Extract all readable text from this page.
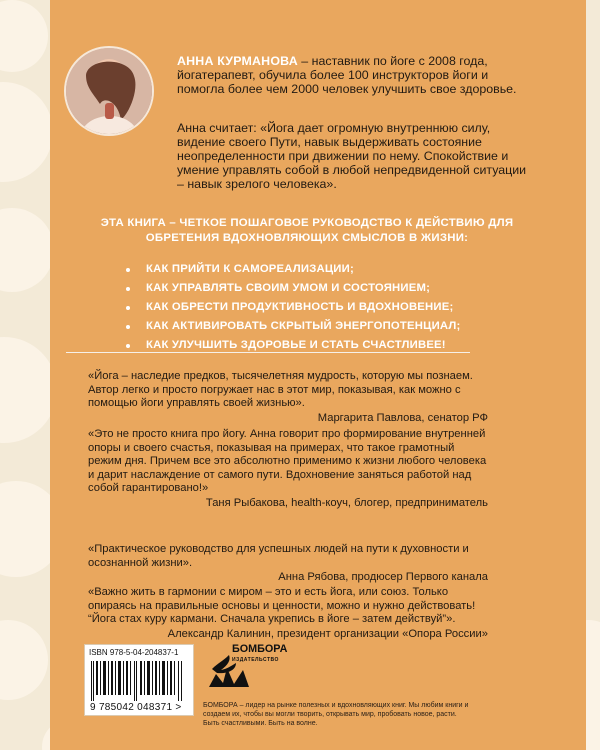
АННА КУРМАНОВА – наставник по йоге с 2008 года, йогатерапевт, обучила более 100 инструкторов йоги и помогла более чем 2000 человек улучшить свое здоровье.
Анна считает: «Йога дает огромную внутреннюю силу, видение своего Пути, навык выдерживать состояние неопределенности при движении по нему. Спокойствие и умение управлять собой в любой непредвиденной ситуации – навык зрелого человека».
ЭТА КНИГА – ЧЕТКОЕ ПОШАГОВОЕ РУКОВОДСТВО К ДЕЙСТВИЮ ДЛЯ ОБРЕТЕНИЯ ВДОХНОВЛЯЮЩИХ СМЫСЛОВ В ЖИЗНИ:
КАК ПРИЙТИ К САМОРЕАЛИЗАЦИИ;
КАК УПРАВЛЯТЬ СВОИМ УМОМ И СОСТОЯНИЕМ;
КАК ОБРЕСТИ ПРОДУКТИВНОСТЬ И ВДОХНОВЕНИЕ;
КАК АКТИВИРОВАТЬ СКРЫТЫЙ ЭНЕРГОПОТЕНЦИАЛ;
КАК УЛУЧШИТЬ ЗДОРОВЬЕ И СТАТЬ СЧАСТЛИВЕЕ!
«Йога – наследие предков, тысячелетняя мудрость, которую мы познаем. Автор легко и просто погружает нас в этот мир, показывая, как можно с помощью йоги управлять своей жизнью».
Маргарита Павлова, сенатор РФ
«Это не просто книга про йогу. Анна говорит про формирование внутренней опоры и своего счастья, показывая на примерах, что такое грамотный режим дня. Причем все это абсолютно применимо к жизни любого человека и дарит наслаждение от самого пути. Вдохновение заняться работой над собой гарантировано!»
Таня Рыбакова, health-коуч, блогер, предприниматель
«Практическое руководство для успешных людей на пути к духовности и осознанной жизни».
Анна Рябова, продюсер Первого канала
«Важно жить в гармонии с миром – это и есть йога, или союз. Только опираясь на правильные основы и ценности, можно и нужно действовать! “Йога стах куру кармани. Сначала укрепись в йоге – затем действуй”».
Александр Калинин, президент организации «Опора России»
ISBN 978-5-04-204837-1
9 785042 048371 >
БОМБОРА
ИЗДАТЕЛЬСТВО
БОМБОРА – лидер на рынке полезных и вдохновляющих книг. Мы любим книги и создаем их, чтобы вы могли творить, открывать мир, пробовать новое, расти. Быть счастливыми. Быть на волне.
